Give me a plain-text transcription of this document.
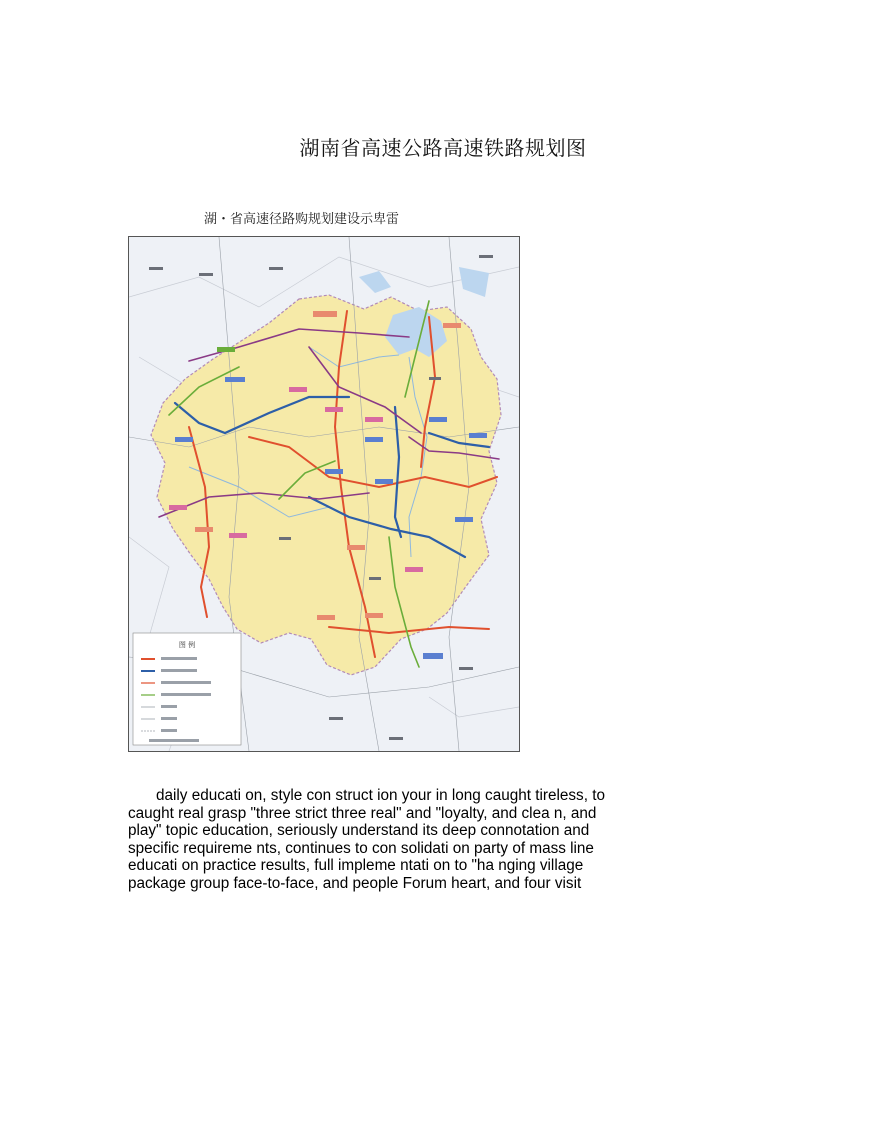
湖南省高速公路高速铁路规划图
湖・省高速径路购规划建设示卑雷
图 例

daily educati on, style con struct ion your in long caught tireless, to caught real grasp "three strict three real" and "loyalty, and clea n, and play" topic education, seriously understand its deep connotation and specific requireme nts, continues to con solidati on party of mass line educati on practice results, full impleme ntati on to "ha nging village package group face-to-face, and people Forum heart, and four visit
